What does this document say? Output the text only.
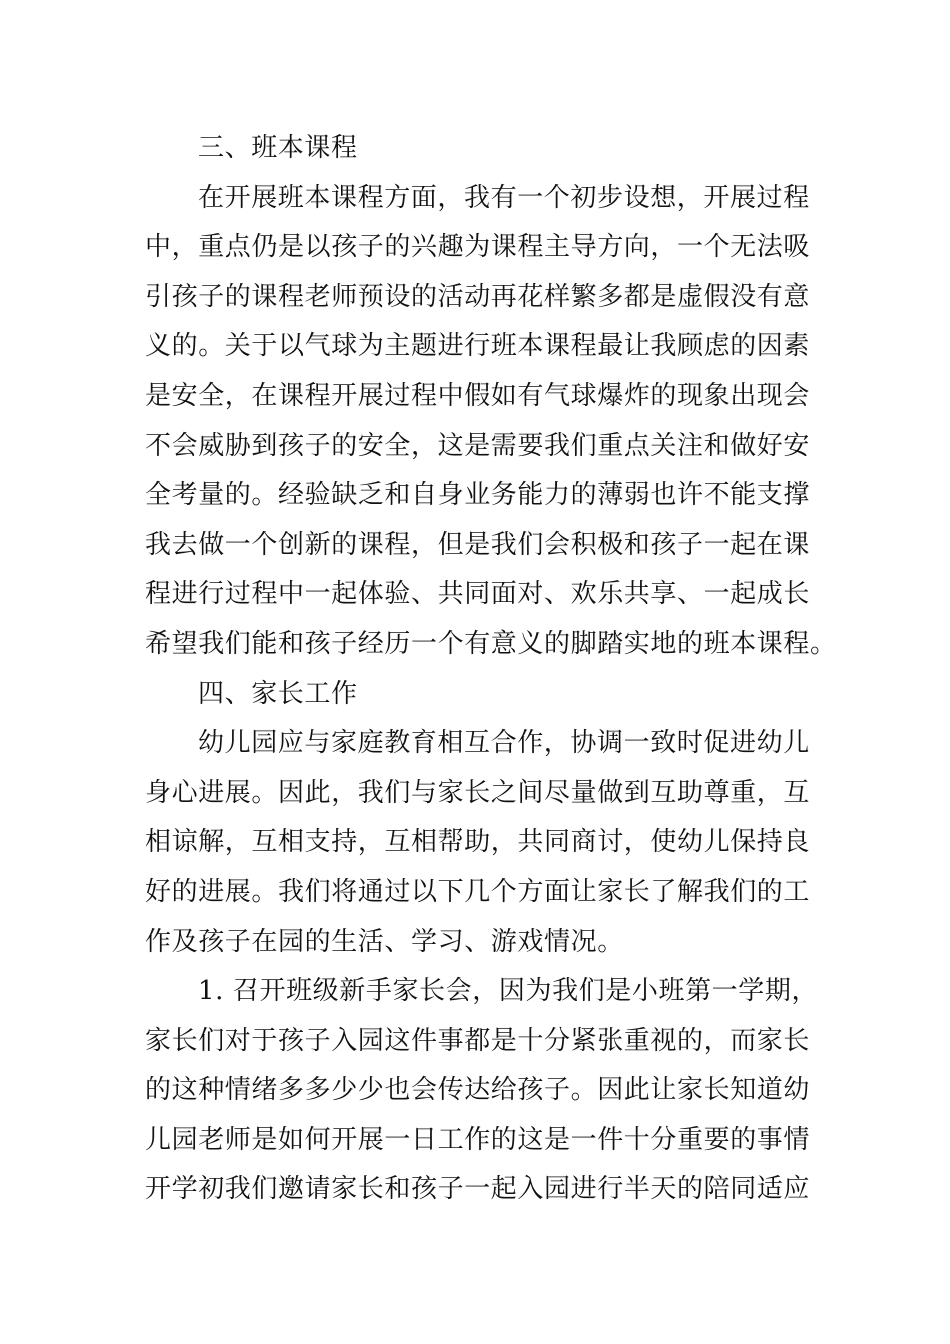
三、班本课程
在开展班本课程方面，我有一个初步设想，开展过程
中，重点仍是以孩子的兴趣为课程主导方向，一个无法吸
引孩子的课程老师预设的活动再花样繁多都是虚假没有意
义的。关于以气球为主题进行班本课程最让我顾虑的因素
是安全，在课程开展过程中假如有气球爆炸的现象出现会
不会威胁到孩子的安全，这是需要我们重点关注和做好安
全考量的。经验缺乏和自身业务能力的薄弱也许不能支撑
我去做一个创新的课程，但是我们会积极和孩子一起在课
程进行过程中一起体验、共同面对、欢乐共享、一起成长
希望我们能和孩子经历一个有意义的脚踏实地的班本课程。
四、家长工作
幼儿园应与家庭教育相互合作，协调一致时促进幼儿
身心进展。因此，我们与家长之间尽量做到互助尊重，互
相谅解，互相支持，互相帮助，共同商讨，使幼儿保持良
好的进展。我们将通过以下几个方面让家长了解我们的工
作及孩子在园的生活、学习、游戏情况。
1. 召开班级新手家长会，因为我们是小班第一学期，
家长们对于孩子入园这件事都是十分紧张重视的，而家长
的这种情绪多多少少也会传达给孩子。因此让家长知道幼
儿园老师是如何开展一日工作的这是一件十分重要的事情
开学初我们邀请家长和孩子一起入园进行半天的陪同适应
